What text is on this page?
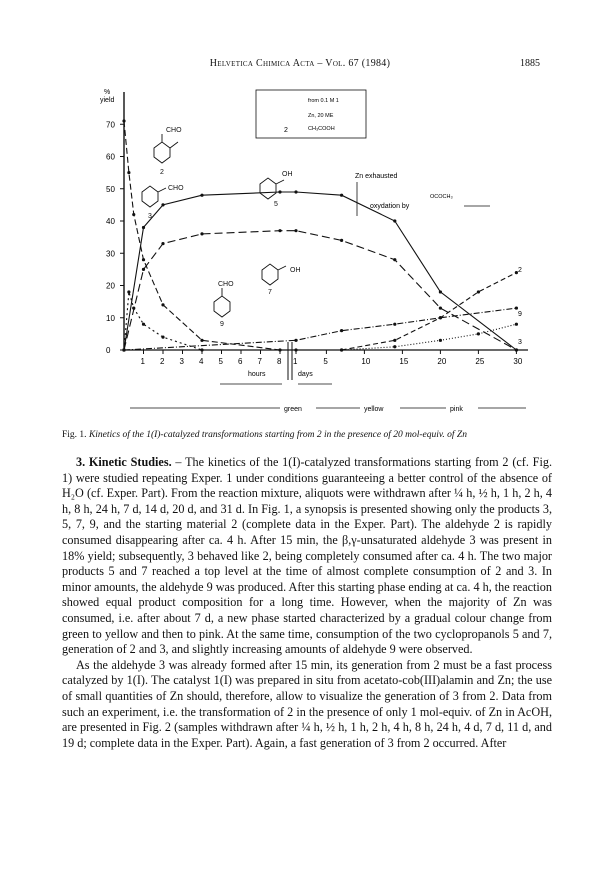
Helvetica Chimica Acta – Vol. 67 (1984)	1885
%
yield
0
10
20
30
40
50
60
70
1 2 3 4 5 6 7 8 1	5	10	15	20	25	30
hours	days
CHO
2
CHO
3
OH
5
OH
7
CHO
9
from 0.1 M 1
Zn, 20 ME
CH₃COOH
2
Zn exhausted
oxydation by
OCOCH₃
2
9
3
green	yellow	pink
Fig. 1. Kinetics of the 1(I)-catalyzed transformations starting from 2 in the presence of 20 mol-equiv. of Zn

3. Kinetic Studies. – The kinetics of the 1(I)-catalyzed transformations starting from 2 (cf. Fig. 1) were studied repeating Exper. 1 under conditions guaranteeing a better control of the absence of H₂O (cf. Exper. Part). From the reaction mixture, aliquots were withdrawn after ¼ h, ½ h, 1 h, 2 h, 4 h, 8 h, 24 h, 7 d, 14 d, 20 d, and 31 d. In Fig. 1, a synopsis is presented showing only the products 3, 5, 7, 9, and the starting material 2 (complete data in the Exper. Part). The aldehyde 2 is rapidly consumed disappearing after ca. 4 h. After 15 min, the β,γ-unsaturated aldehyde 3 was present in 18% yield; subsequently, 3 behaved like 2, being completely consumed after ca. 4 h. The two major products 5 and 7 reached a top level at the time of almost complete consumption of 2 and 3. In minor amounts, the aldehyde 9 was produced. After this starting phase ending at ca. 4 h, the reaction showed equal product composition for a long time. However, when the majority of Zn was consumed, i.e. after about 7 d, a new phase started characterized by a gradual colour change from green to yellow and then to pink. At the same time, consumption of the two cyclopropanols 5 and 7, generation of 2 and 3, and slightly increasing amounts of aldehyde 9 were observed.

As the aldehyde 3 was already formed after 15 min, its generation from 2 must be a fast process catalyzed by 1(I). The catalyst 1(I) was prepared in situ from acetato-cob(III)alamin and Zn; the use of small quantities of Zn should, therefore, allow to visualize the generation of 3 from 2. Data from such an experiment, i.e. the transformation of 2 in the presence of only 1 mol-equiv. of Zn in AcOH, are presented in Fig. 2 (samples withdrawn after ¼ h, ½ h, 1 h, 2 h, 4 h, 8 h, 24 h, 4 d, 7 d, 11 d, and 19 d; complete data in the Exper. Part). Again, a fast generation of 3 from 2 occurred. After
